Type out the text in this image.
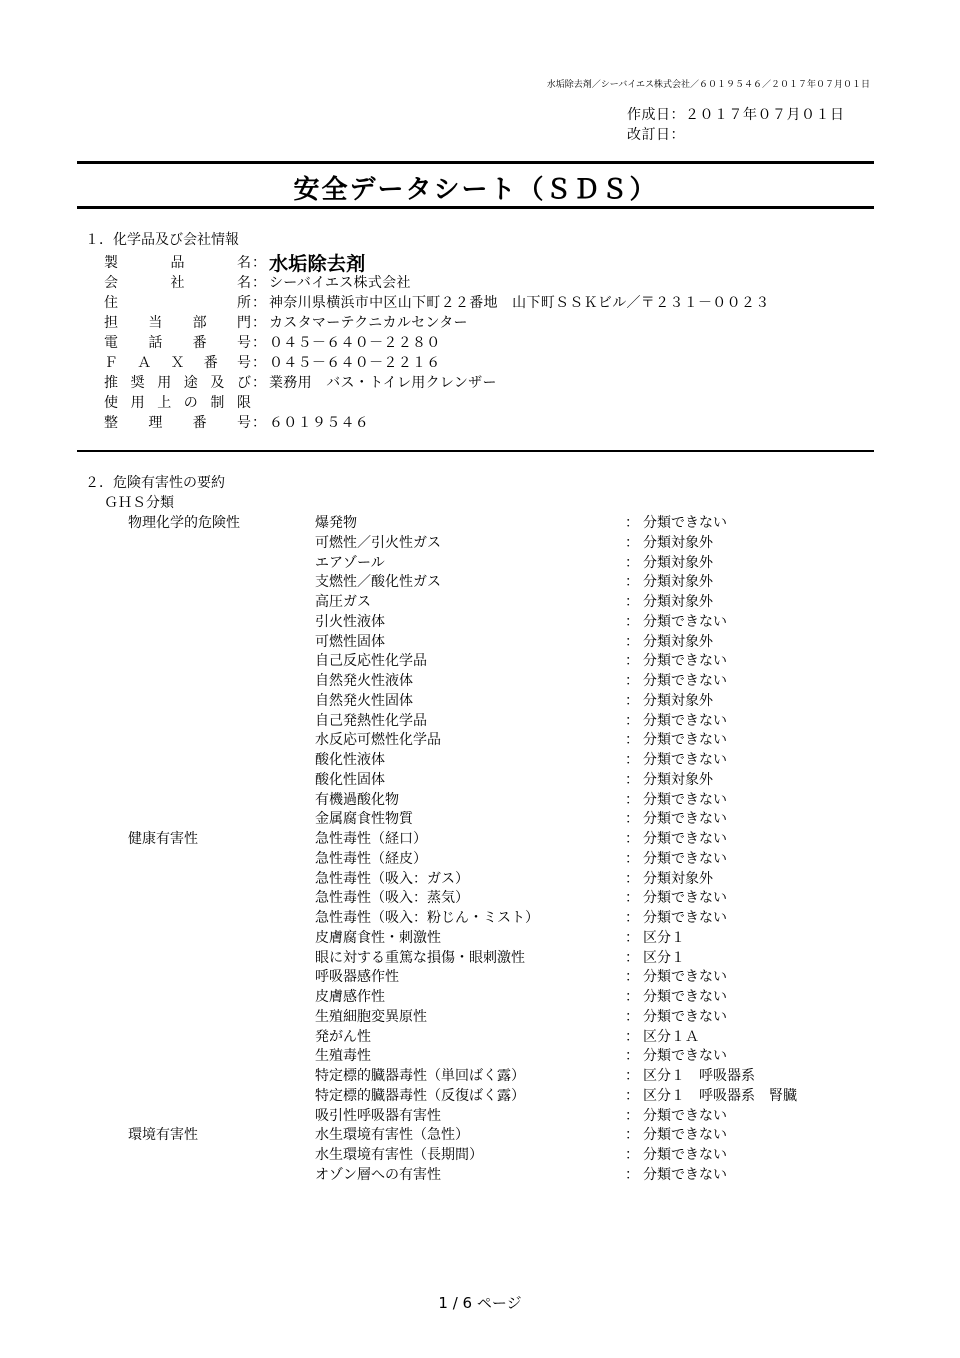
水垢除去剤／シーバイエス株式会社／６０１９５４６／２０１７年０７月０１日
作成日：２０１７年０７月０１日
改訂日：
安全データシート（ＳＤＳ）
１．化学品及び会社情報
製	品	名 水垢除去剤
：
会	社	名 シーバイエス株式会社
：
住	所 神奈川県横浜市中区山下町２２番地　山下町ＳＳＫビル／〒２３１－００２３
：
担 当 部 門 カスタマーテクニカルセンター
：
電 話 番 号 ０４５－６４０－２２８０
：
Ｆ Ａ Ｘ 番 号 ０４５－６４０－２２１６
：
推 奨 用 途 及 び 業務用　バス・トイレ用クレンザー
：
使 用 上 の 制 限
整 理 番 号 ６０１９５４６
：
２．危険有害性の要約
ＧＨＳ分類
物理化学的危険性	爆発物	： 分類できない
可燃性／引火性ガス	： 分類対象外
エアゾール	： 分類対象外
支燃性／酸化性ガス	： 分類対象外
高圧ガス	： 分類対象外
引火性液体	： 分類できない
可燃性固体	： 分類対象外
自己反応性化学品	： 分類できない
自然発火性液体	： 分類できない
自然発火性固体	： 分類対象外
自己発熱性化学品	： 分類できない
水反応可燃性化学品	： 分類できない
酸化性液体	： 分類できない
酸化性固体	： 分類対象外
有機過酸化物	： 分類できない
金属腐食性物質	： 分類できない
健康有害性	急性毒性（経口）	： 分類できない
急性毒性（経皮）	： 分類できない
急性毒性（吸入：ガス）	： 分類対象外
急性毒性（吸入：蒸気）	： 分類できない
急性毒性（吸入：粉じん・ミスト）	： 分類できない
皮膚腐食性・刺激性	： 区分１
眼に対する重篤な損傷・眼刺激性	： 区分１
呼吸器感作性	： 分類できない
皮膚感作性	： 分類できない
生殖細胞変異原性	： 分類できない
発がん性	： 区分１Ａ
生殖毒性	： 分類できない
特定標的臓器毒性（単回ばく露）	： 区分１　呼吸器系
特定標的臓器毒性（反復ばく露）	： 区分１　呼吸器系　腎臓
吸引性呼吸器有害性	： 分類できない
環境有害性	水生環境有害性（急性）	： 分類できない
水生環境有害性（長期間）	： 分類できない
オゾン層への有害性	： 分類できない
1 / 6 ページ
